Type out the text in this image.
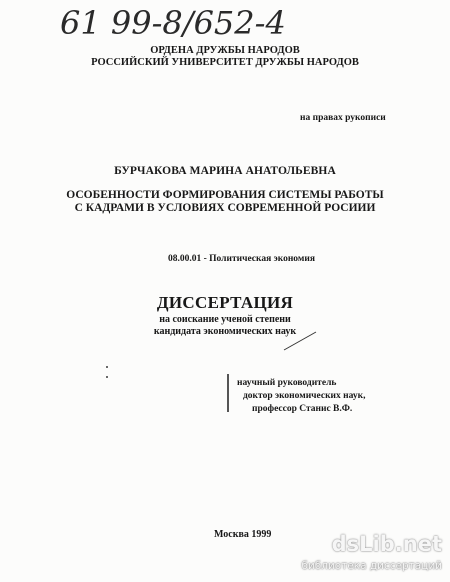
61 99-8/652-4
ОРДЕНА ДРУЖБЫ НАРОДОВ
РОССИЙСКИЙ УНИВЕРСИТЕТ ДРУЖБЫ НАРОДОВ
на правах рукописи
БУРЧАКОВА МАРИНА АНАТОЛЬЕВНА
ОСОБЕННОСТИ ФОРМИРОВАНИЯ СИСТЕМЫ РАБОТЫ
С КАДРАМИ В УСЛОВИЯХ СОВРЕМЕННОЙ РОСИИИ
08.00.01 - Политическая экономия
ДИССЕРТАЦИЯ
на соискание ученой степени
кандидата экономических наук
научный руководитель
доктор экономических наук,
профессор Станис В.Ф.
Москва 1999	dsLib.net
библиотека диссертаций
